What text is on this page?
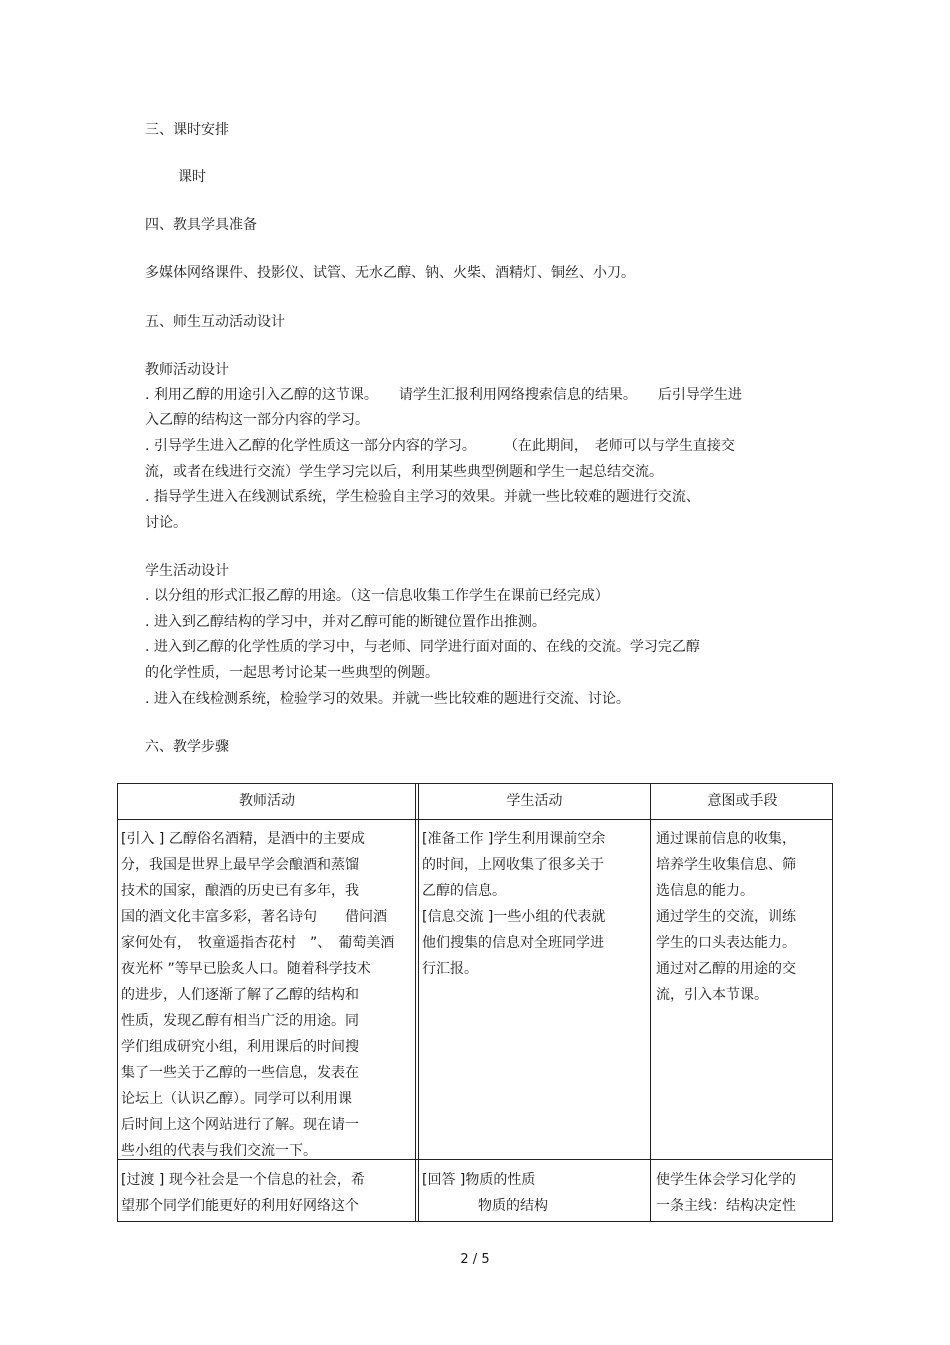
三、课时安排
课时
四、教具学具准备
多媒体网络课件、投影仪、试管、无水乙醇、钠、火柴、酒精灯、铜丝、小刀。
五、师生互动活动设计
教师活动设计
. 利用乙醇的用途引入乙醇的这节课。　　请学生汇报利用网络搜索信息的结果。　　后引导学生进
入乙醇的结构这一部分内容的学习。
. 引导学生进入乙醇的化学性质这一部分内容的学习。　　　（在此期间，　老师可以与学生直接交
流，或者在线进行交流）学生学习完以后，利用某些典型例题和学生一起总结交流。
. 指导学生进入在线测试系统，学生检验自主学习的效果。并就一些比较难的题进行交流、
讨论。
学生活动设计
. 以分组的形式汇报乙醇的用途。（这一信息收集工作学生在课前已经完成）
. 进入到乙醇结构的学习中，并对乙醇可能的断键位置作出推测。
. 进入到乙醇的化学性质的学习中，与老师、同学进行面对面的、在线的交流。学习完乙醇
的化学性质，一起思考讨论某一些典型的例题。
. 进入在线检测系统，检验学习的效果。并就一些比较难的题进行交流、讨论。
六、教学步骤
教师活动	学生活动	意图或手段
[引入 ] 乙醇俗名酒精，是酒中的主要成
分，我国是世界上最早学会酿酒和蒸馏
技术的国家，酿酒的历史已有多年，我
国的酒文化丰富多彩，著名诗句　　借问酒
家何处有，　牧童遥指杏花村　”、　葡萄美酒
夜光杯 ”等早已脍炙人口。随着科学技术
的进步，人们逐渐了解了乙醇的结构和
性质，发现乙醇有相当广泛的用途。同
学们组成研究小组，利用课后的时间搜
集了一些关于乙醇的一些信息，发表在
论坛上（认识乙醇）。同学可以利用课
后时间上这个网站进行了解。现在请一
些小组的代表与我们交流一下。
[准备工作 ]学生利用课前空余
的时间，上网收集了很多关于
乙醇的信息。
[信息交流 ]一些小组的代表就
他们搜集的信息对全班同学进
行汇报。
通过课前信息的收集，
培养学生收集信息、筛
选信息的能力。
通过学生的交流，训练
学生的口头表达能力。
通过对乙醇的用途的交
流，引入本节课。
[过渡 ] 现今社会是一个信息的社会，希
望那个同学们能更好的利用好网络这个
[回答 ]物质的性质
　　　　物质的结构
使学生体会学习化学的
一条主线：结构决定性
2 / 5
